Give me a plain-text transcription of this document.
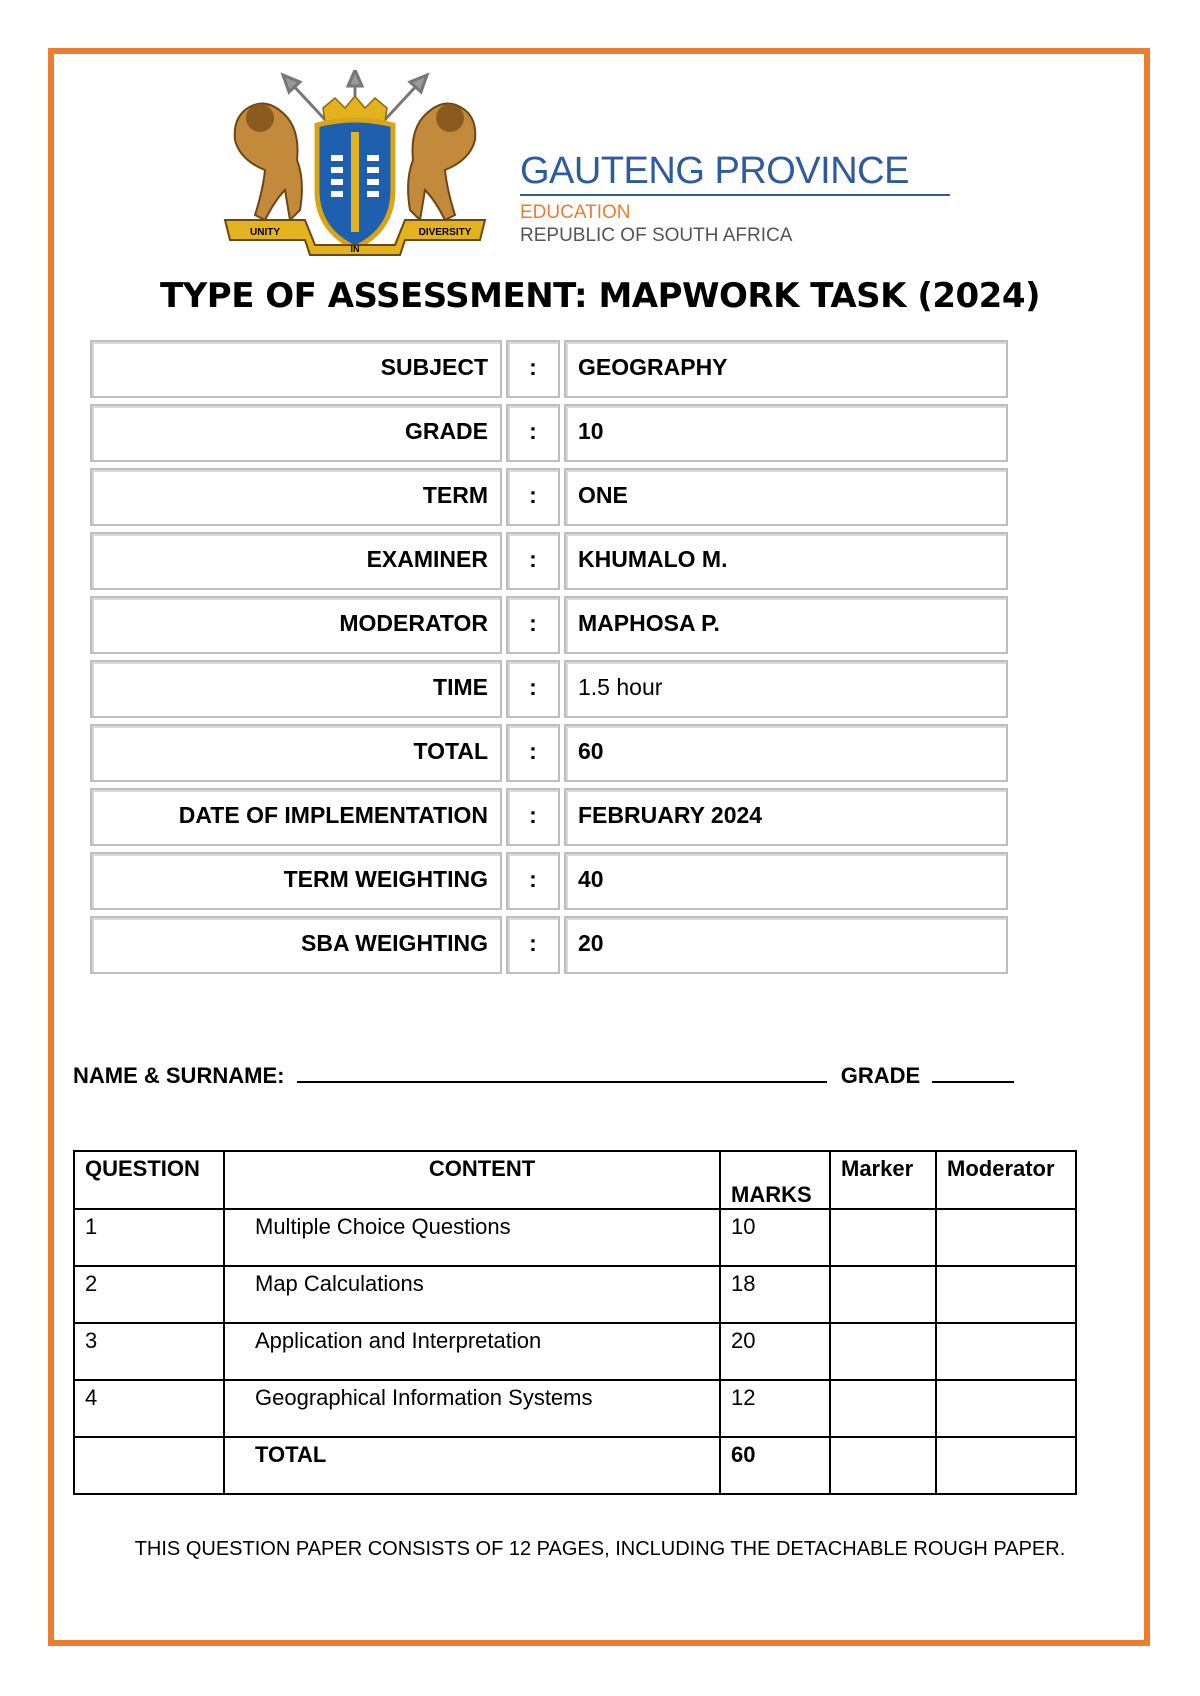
UNITY
IN
DIVERSITY
GAUTENG PROVINCE
EDUCATION
REPUBLIC OF SOUTH AFRICA
TYPE OF ASSESSMENT: MAPWORK TASK (2024)
SUBJECT	:	GEOGRAPHY
GRADE	:	10
TERM	:	ONE
EXAMINER	:	KHUMALO M.
MODERATOR	:	MAPHOSA P.
TIME	:	1.5 hour
TOTAL	:	60
DATE OF IMPLEMENTATION	:	FEBRUARY 2024
TERM WEIGHTING	:	40
SBA WEIGHTING	:	20
NAME & SURNAME:	GRADE
QUESTION	CONTENT	MARKS	Marker	Moderator
1	Multiple Choice Questions	10		
2	Map Calculations	18		
3	Application and Interpretation	20		
4	Geographical Information Systems	12		
	TOTAL	60		
THIS QUESTION PAPER CONSISTS OF 12 PAGES, INCLUDING THE DETACHABLE ROUGH PAPER.
